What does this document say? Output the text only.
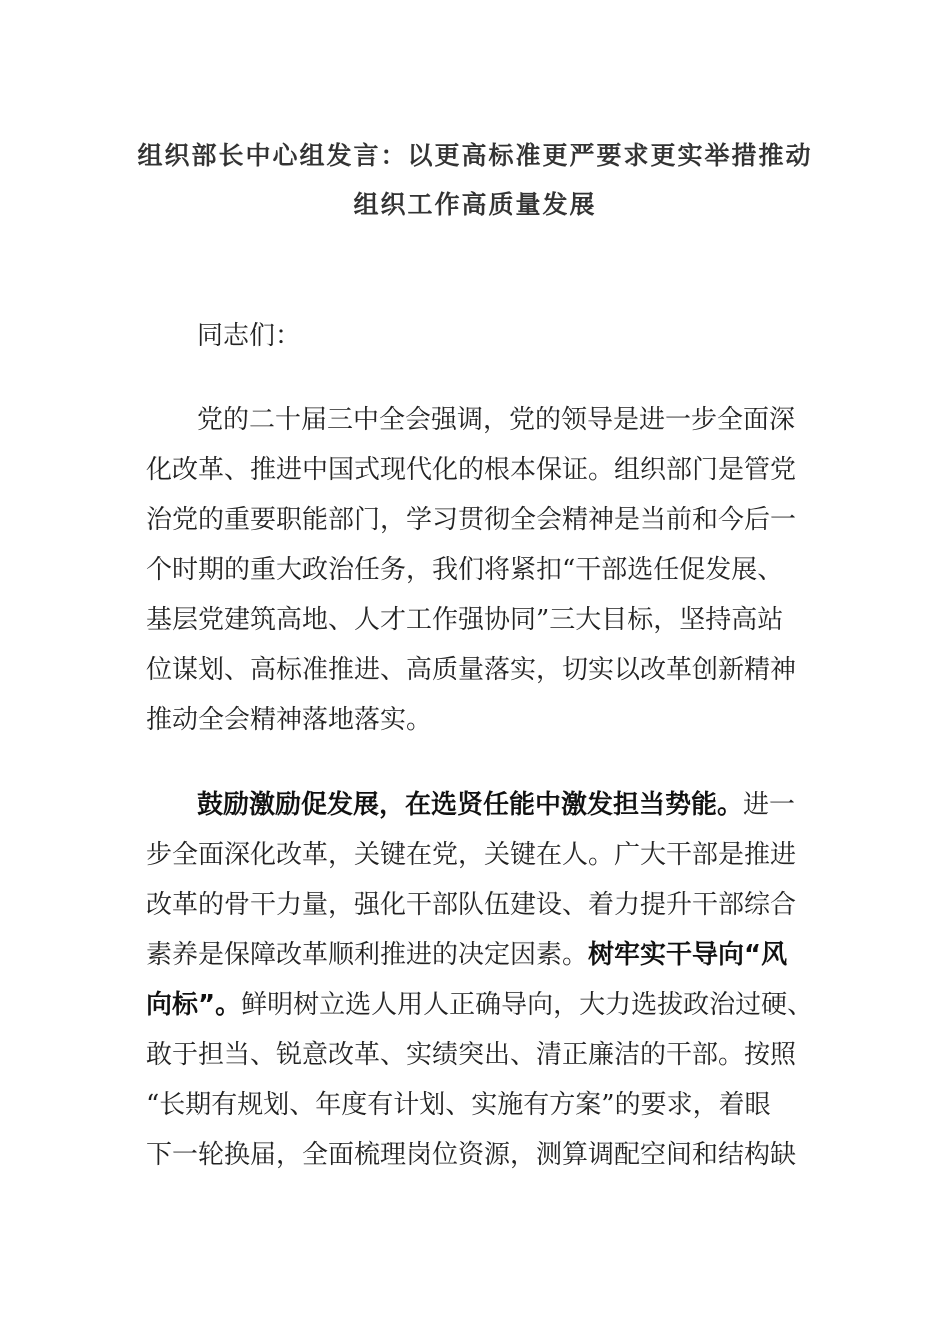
组织部长中心组发言：以更高标准更严要求更实举措推动
组织工作高质量发展
同志们：
党的二十届三中全会强调，党的领导是进一步全面深
化改革、推进中国式现代化的根本保证。组织部门是管党
治党的重要职能部门，学习贯彻全会精神是当前和今后一
个时期的重大政治任务，我们将紧扣“干部选任促发展、
基层党建筑高地、人才工作强协同”三大目标，坚持高站
位谋划、高标准推进、高质量落实，切实以改革创新精神
推动全会精神落地落实。
鼓励激励促发展，在选贤任能中激发担当势能。进一
步全面深化改革，关键在党，关键在人。广大干部是推进
改革的骨干力量，强化干部队伍建设、着力提升干部综合
素养是保障改革顺利推进的决定因素。树牢实干导向“风
向标”。鲜明树立选人用人正确导向，大力选拔政治过硬、
敢于担当、锐意改革、实绩突出、清正廉洁的干部。按照
“长期有规划、年度有计划、实施有方案”的要求，着眼
下一轮换届，全面梳理岗位资源，测算调配空间和结构缺
